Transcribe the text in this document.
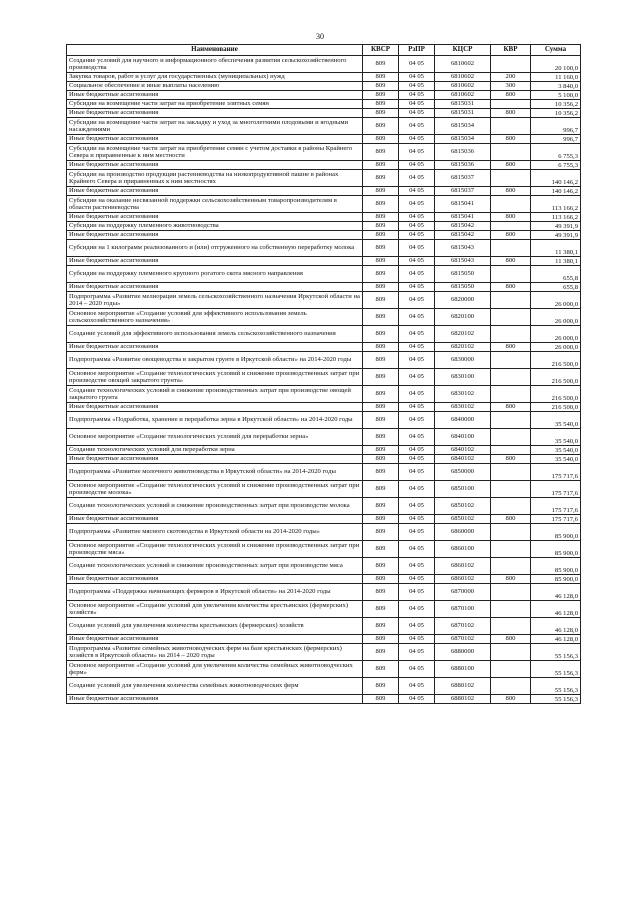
30
Наименование	КВСР	РзПР	КЦСР	КВР	Сумма
Создание условий для научного и информационного обеспечения развития сельскохозяйственного производства	809	04 05	6810602		20 100,0
Закупка товаров, работ и услуг для государственных (муниципальных) нужд	809	04 05	6810602	200	11 160,0
Социальное обеспечение и иные выплаты населению	809	04 05	6810602	300	3 840,0
Иные бюджетные ассигнования	809	04 05	6810602	800	5 100,0
Субсидии на возмещение части затрат на приобретение элитных семян	809	04 05	6815031		10 356,2
Иные бюджетные ассигнования	809	04 05	6815031	800	10 356,2
Субсидии на возмещение части затрат на закладку и уход за многолетними плодовыми и ягодными насаждениями	809	04 05	6815034		996,7
Иные бюджетные ассигнования	809	04 05	6815034	800	996,7
Субсидии на возмещение части затрат на приобретение семян с учетом доставки в районы Крайнего Севера и приравненные к ним местности	809	04 05	6815036		6 755,3
Иные бюджетные ассигнования	809	04 05	6815036	800	6 755,3
Субсидии на производство продукции растениеводства на низкопродуктивной пашне в районах Крайнего Севера и приравненных к ним местностях	809	04 05	6815037		140 146,2
Иные бюджетные ассигнования	809	04 05	6815037	800	140 146,2
Субсидии на оказание несвязанной поддержки сельскохозяйственным товаропроизводителям в области растениеводства	809	04 05	6815041		113 166,2
Иные бюджетные ассигнования	809	04 05	6815041	800	113 166,2
Субсидии на поддержку племенного животноводства	809	04 05	6815042		49 391,9
Иные бюджетные ассигнования	809	04 05	6815042	800	49 391,9
Субсидии на 1 килограмм реализованного и (или) отгруженного на собственную переработку молока	809	04 05	6815043		11 380,1
Иные бюджетные ассигнования	809	04 05	6815043	800	11 380,1
Субсидии на поддержку племенного крупного рогатого скота мясного направления	809	04 05	6815050		655,8
Иные бюджетные ассигнования	809	04 05	6815050	800	655,8
Подпрограмма «Развитие мелиорации земель сельскохозяйственного назначения Иркутской области на 2014 – 2020 годы»	809	04 05	6820000		26 000,0
Основное мероприятие «Создание условий для эффективного использования земель сельскохозяйственного назначения»	809	04 05	6820100		26 000,0
Создание условий для эффективного использования земель сельскохозяйственного назначения	809	04 05	6820102		26 000,0
Иные бюджетные ассигнования	809	04 05	6820102	800	26 000,0
Подпрограмма «Развитие овощеводства в закрытом грунте в Иркутской области» на 2014-2020 годы	809	04 05	6830000		216 500,0
Основное мероприятие «Создание технологических условий и снижение производственных затрат при производстве овощей закрытого грунта»	809	04 05	6830100		216 500,0
Создание технологических условий и снижение производственных затрат при производстве овощей закрытого грунта	809	04 05	6830102		216 500,0
Иные бюджетные ассигнования	809	04 05	6830102	800	216 500,0
Подпрограмма «Подработка, хранение и переработка зерна в Иркутской области» на 2014-2020 годы	809	04 05	6840000		35 540,0
Основное мероприятие «Создание технологических условий для переработки зерна»	809	04 05	6840100		35 540,0
Создание технологических условий для переработки зерна	809	04 05	6840102		35 540,0
Иные бюджетные ассигнования	809	04 05	6840102	800	35 540,0
Подпрограмма «Развитие молочного животноводства в Иркутской области» на 2014-2020 годы	809	04 05	6850000		175 717,6
Основное мероприятие «Создание технологических условий и снижение производственных затрат при производстве молока»	809	04 05	6850100		175 717,6
Создание технологических условий и снижение производственных затрат при производстве молока	809	04 05	6850102		175 717,6
Иные бюджетные ассигнования	809	04 05	6850102	800	175 717,6
Подпрограмма «Развитие мясного скотоводства в Иркутской области на 2014-2020 годы»	809	04 05	6860000		85 900,0
Основное мероприятие «Создание технологических условий и снижение производственных затрат при производстве мяса»	809	04 05	6860100		85 900,0
Создание технологических условий и снижение производственных затрат при производстве мяса	809	04 05	6860102		85 900,0
Иные бюджетные ассигнования	809	04 05	6860102	800	85 900,0
Подпрограмма «Поддержка начинающих фермеров в Иркутской области» на 2014-2020 годы	809	04 05	6870000		46 128,0
Основное мероприятие «Создание условий для увеличения количества крестьянских (фермерских) хозяйств»	809	04 05	6870100		46 128,0
Создание условий для увеличения количества крестьянских (фермерских) хозяйств	809	04 05	6870102		46 128,0
Иные бюджетные ассигнования	809	04 05	6870102	800	46 128,0
Подпрограмма «Развитие семейных животноводческих ферм на базе крестьянских (фермерских) хозяйств в Иркутской области» на 2014 – 2020 годы	809	04 05	6880000		55 156,3
Основное мероприятие «Создание условий для увеличения количества семейных животноводческих ферм»	809	04 05	6880100		55 156,3
Создание условий для увеличения количества семейных животноводческих ферм	809	04 05	6880102		55 156,3
Иные бюджетные ассигнования	809	04 05	6880102	800	55 156,3
